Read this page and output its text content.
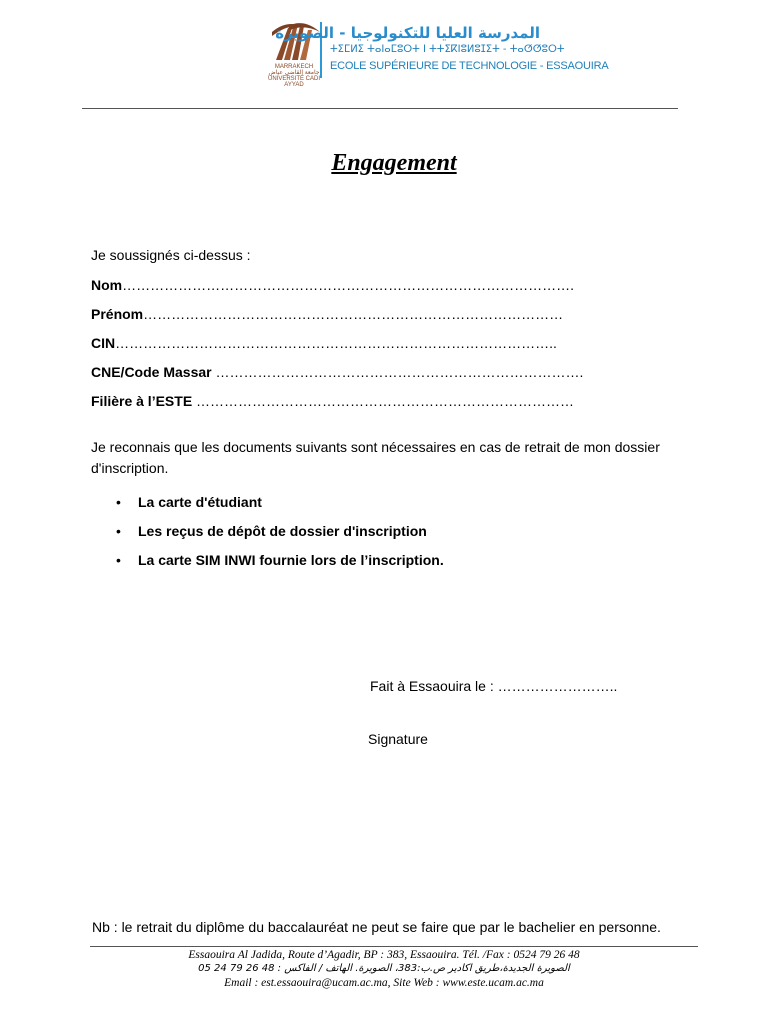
MARRAKECH
جامعة القاضي عياض
UNIVERSITÉ CADI AYYAD
المدرسة العليا للتكنولوجيا - الصويرة
ⵜⵉⵎⵍⵉ ⵜⴰⵏⴰⵎⵓⵔⵜ ⵏ ⵜⵜⵉⴽⵏⵓⵍⵓⵊⵉⵜ - ⵜⴰⵚⵚⵓⵔⵜ
ECOLE SUPÉRIEURE DE TECHNOLOGIE - ESSAOUIRA
Engagement
Je soussignés ci-dessus :
Nom…………………………………………………………………………………….
Prénom………………………………………………………………………………
CIN…………………………………………………………………………………..
CNE/Code Massar …………………………………………………………………….
Filière à l’ESTE ………………………………………………………………………
Je reconnais que les documents suivants sont nécessaires en cas de retrait de mon dossier d'inscription.
• La carte d'étudiant
• Les reçus de dépôt de dossier d'inscription
• La carte SIM INWI fournie lors de l’inscription.
Fait à Essaouira le : ……………………..
Signature
Nb : le retrait du diplôme du baccalauréat ne peut se faire que par le bachelier en personne.
Essaouira Al Jadida, Route d’Agadir, BP : 383, Essaouira. Tél. /Fax : 0524 79 26 48
05 24 79 26 48 : الصويرة الجديدة،طريق اكادير ص.ب:383، الصويرة. الهاتف / الفاكس
Email : est.essaouira@ucam.ac.ma, Site Web : www.este.ucam.ac.ma
